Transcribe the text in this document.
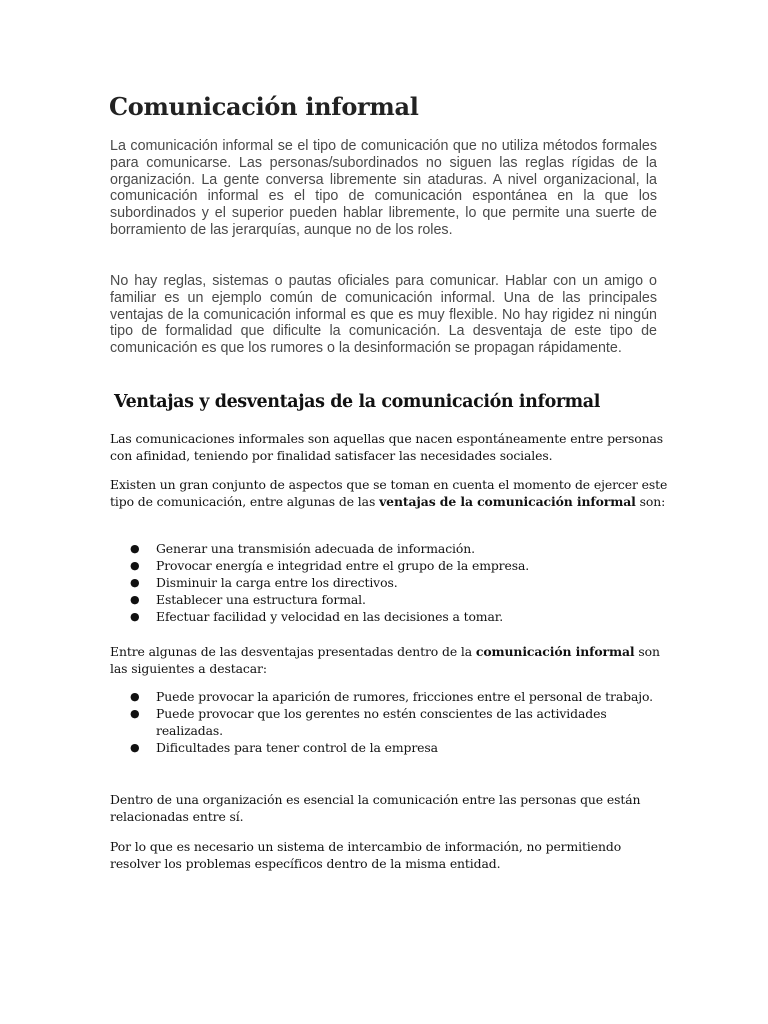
Comunicación informal

La comunicación informal se el tipo de comunicación que no utiliza métodos formales para comunicarse. Las personas/subordinados no siguen las reglas rígidas de la organización. La gente conversa libremente sin ataduras. A nivel organizacional, la comunicación informal es el tipo de comunicación espontánea en la que los subordinados y el superior pueden hablar libremente, lo que permite una suerte de borramiento de las jerarquías, aunque no de los roles.

No hay reglas, sistemas o pautas oficiales para comunicar. Hablar con un amigo o familiar es un ejemplo común de comunicación informal. Una de las principales ventajas de la comunicación informal es que es muy flexible. No hay rigidez ni ningún tipo de formalidad que dificulte la comunicación. La desventaja de este tipo de comunicación es que los rumores o la desinformación se propagan rápidamente.

Ventajas y desventajas de la comunicación informal

Las comunicaciones informales son aquellas que nacen espontáneamente entre personas con afinidad, teniendo por finalidad satisfacer las necesidades sociales.

Existen un gran conjunto de aspectos que se toman en cuenta el momento de ejercer este tipo de comunicación, entre algunas de las ventajas de la comunicación informal son:

● Generar una transmisión adecuada de información.
● Provocar energía e integridad entre el grupo de la empresa.
● Disminuir la carga entre los directivos.
● Establecer una estructura formal.
● Efectuar facilidad y velocidad en las decisiones a tomar.

Entre algunas de las desventajas presentadas dentro de la comunicación informal son las siguientes a destacar:

● Puede provocar la aparición de rumores, fricciones entre el personal de trabajo.
● Puede provocar que los gerentes no estén conscientes de las actividades realizadas.
● Dificultades para tener control de la empresa

Dentro de una organización es esencial la comunicación entre las personas que están relacionadas entre sí.

Por lo que es necesario un sistema de intercambio de información, no permitiendo resolver los problemas específicos dentro de la misma entidad.
